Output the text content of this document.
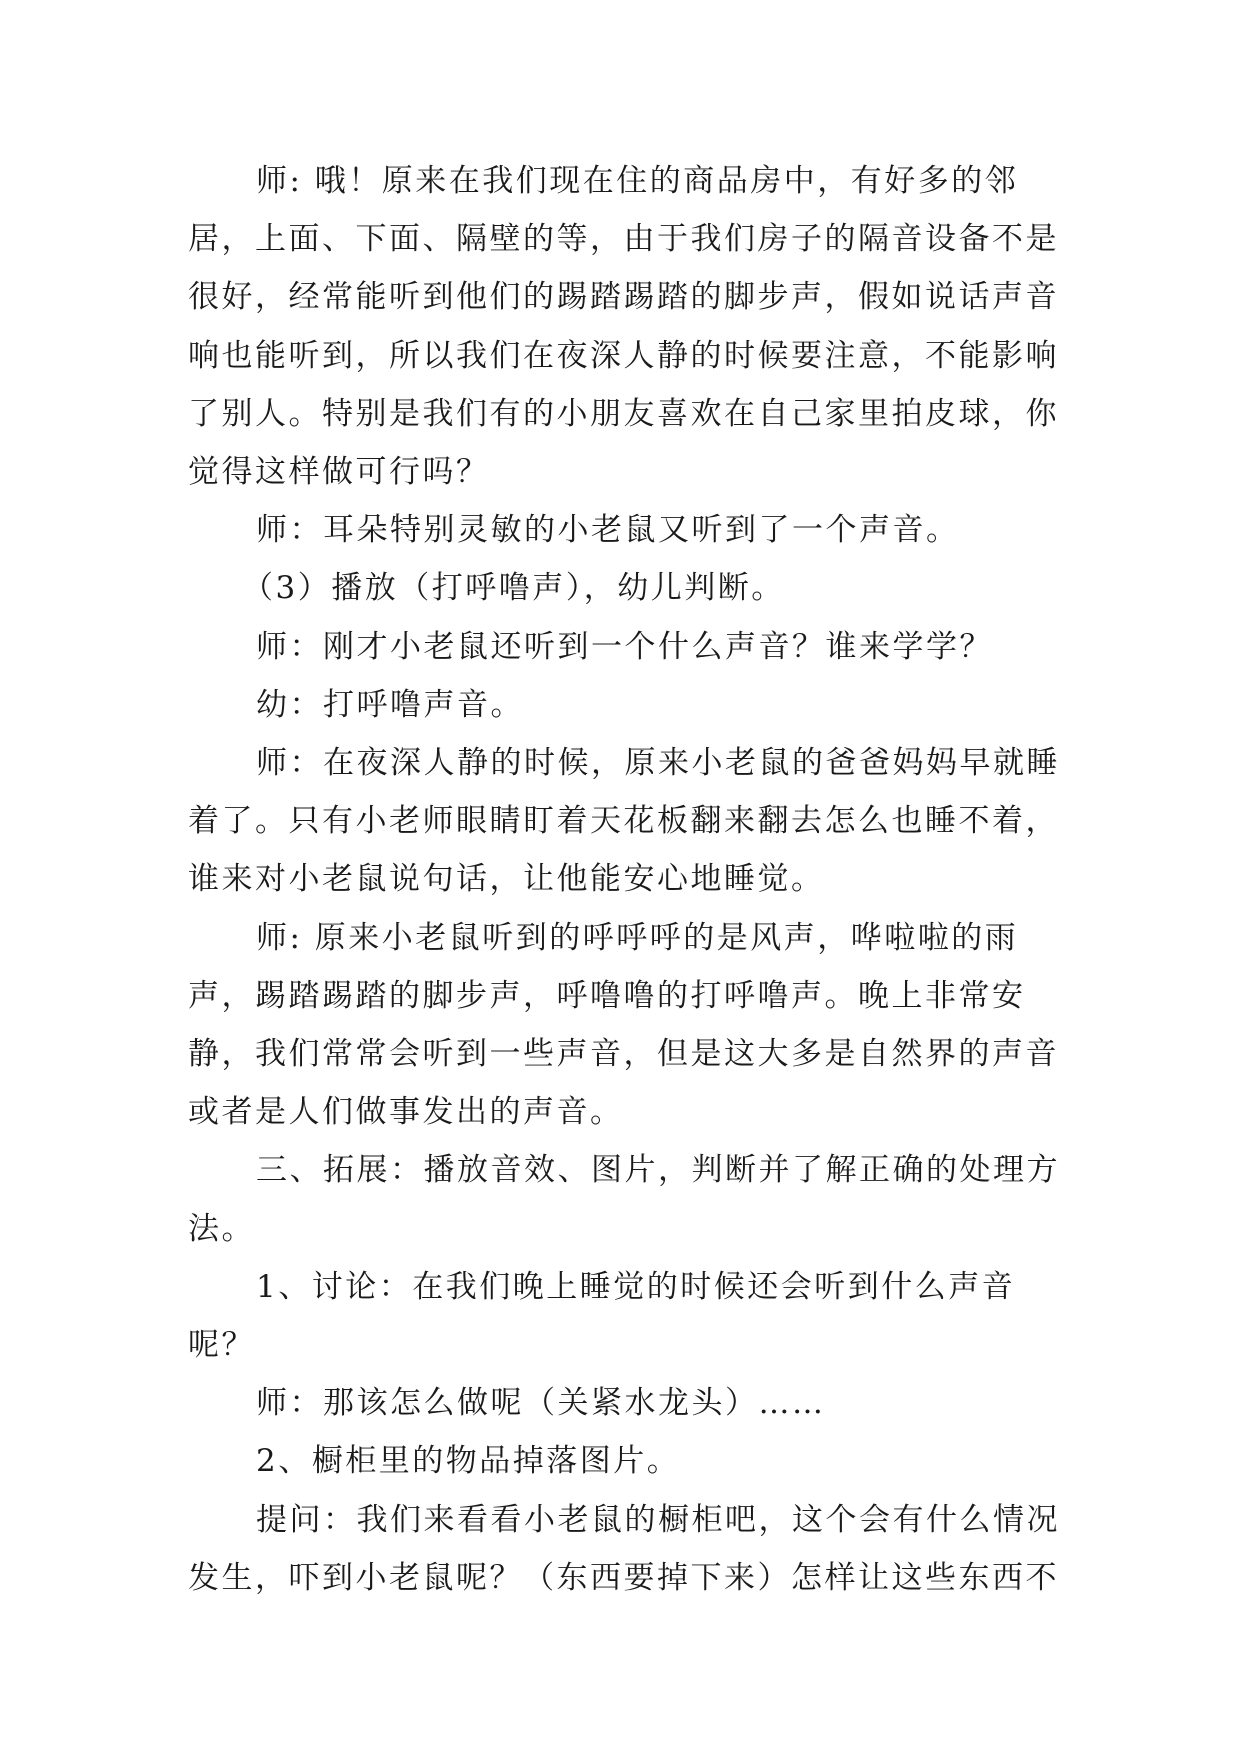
师: 哦！原来在我们现在住的商品房中，有好多的邻居，上面、下面、隔壁的等，由于我们房子的隔音设备不是很好，经常能听到他们的踢踏踢踏的脚步声，假如说话声音响也能听到，所以我们在夜深人静的时候要注意，不能影响了别人。特别是我们有的小朋友喜欢在自己家里拍皮球，你觉得这样做可行吗？

师：耳朵特别灵敏的小老鼠又听到了一个声音。

（3）播放（打呼噜声），幼儿判断。

师：刚才小老鼠还听到一个什么声音？谁来学学？

幼：打呼噜声音。

师：在夜深人静的时候，原来小老鼠的爸爸妈妈早就睡着了。只有小老师眼睛盯着天花板翻来翻去怎么也睡不着，谁来对小老鼠说句话，让他能安心地睡觉。

师: 原来小老鼠听到的呼呼呼的是风声，哗啦啦的雨声，踢踏踢踏的脚步声，呼噜噜的打呼噜声。晚上非常安静，我们常常会听到一些声音，但是这大多是自然界的声音或者是人们做事发出的声音。

三、拓展：播放音效、图片，判断并了解正确的处理方法。

1、讨论：在我们晚上睡觉的时候还会听到什么声音呢？

师：那该怎么做呢（关紧水龙头）……

2、橱柜里的物品掉落图片。

提问：我们来看看小老鼠的橱柜吧，这个会有什么情况发生，吓到小老鼠呢？（东西要掉下来）怎样让这些东西不
